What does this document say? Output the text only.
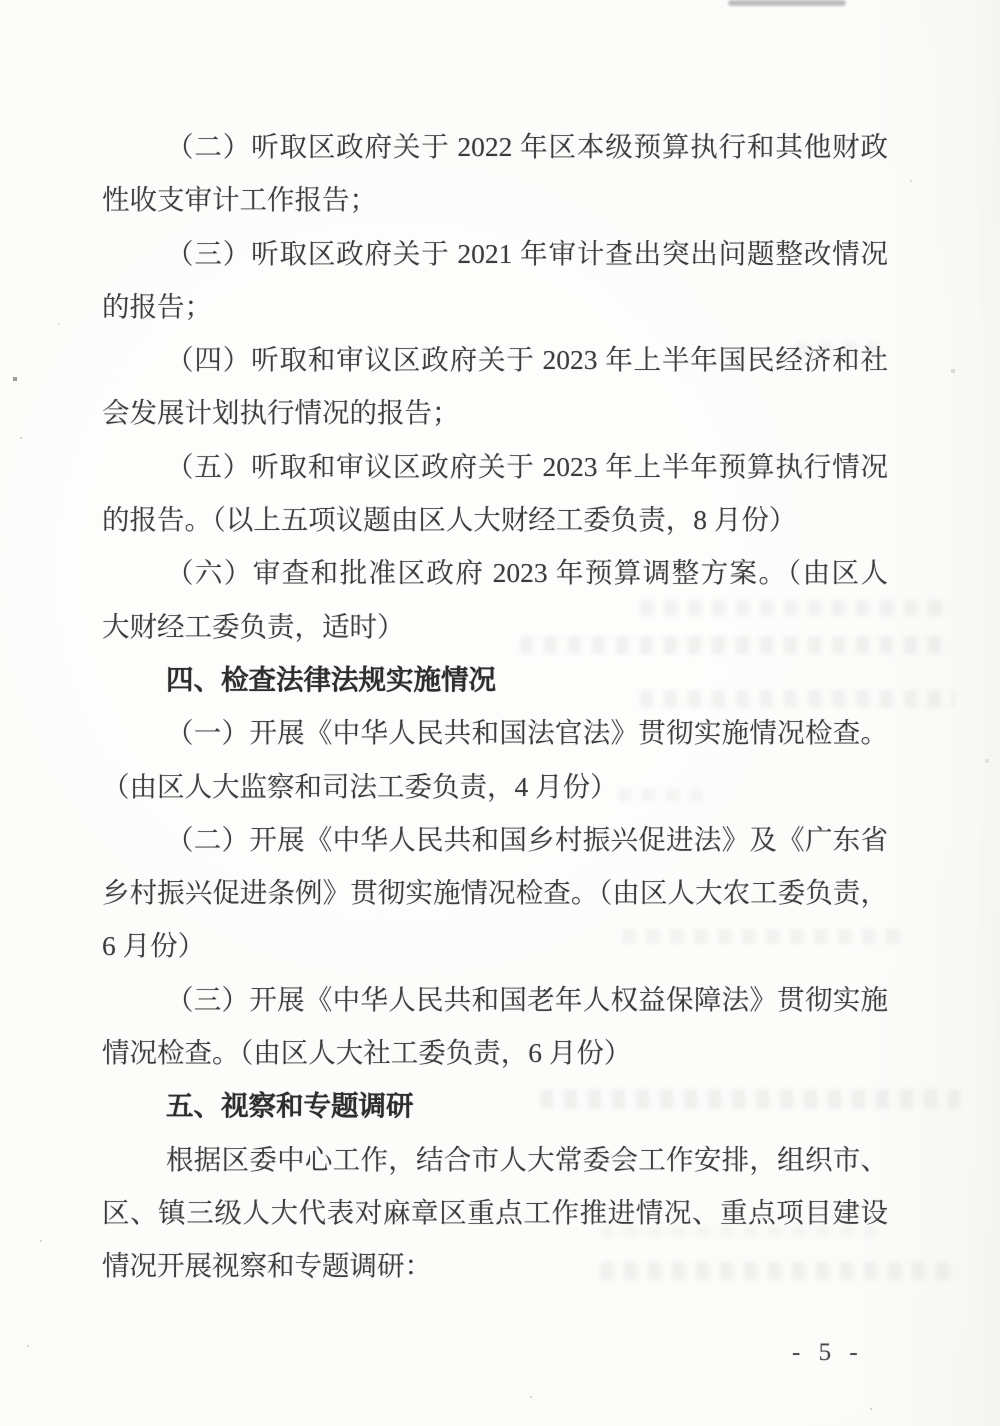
（二）听取区政府关于 2022 年区本级预算执行和其他财政
性收支审计工作报告；
（三）听取区政府关于 2021 年审计查出突出问题整改情况
的报告；
（四）听取和审议区政府关于 2023 年上半年国民经济和社
会发展计划执行情况的报告；
（五）听取和审议区政府关于 2023 年上半年预算执行情况
的报告。（以上五项议题由区人大财经工委负责，8 月份）
（六）审查和批准区政府 2023 年预算调整方案。（由区人
大财经工委负责，适时）
四、检查法律法规实施情况
（一）开展《中华人民共和国法官法》贯彻实施情况检查。
（由区人大监察和司法工委负责，4 月份）
（二）开展《中华人民共和国乡村振兴促进法》及《广东省
乡村振兴促进条例》贯彻实施情况检查。（由区人大农工委负责，
6 月份）
（三）开展《中华人民共和国老年人权益保障法》贯彻实施
情况检查。（由区人大社工委负责，6 月份）
五、视察和专题调研
根据区委中心工作，结合市人大常委会工作安排，组织市、
区、镇三级人大代表对麻章区重点工作推进情况、重点项目建设
情况开展视察和专题调研：
- 5 -
